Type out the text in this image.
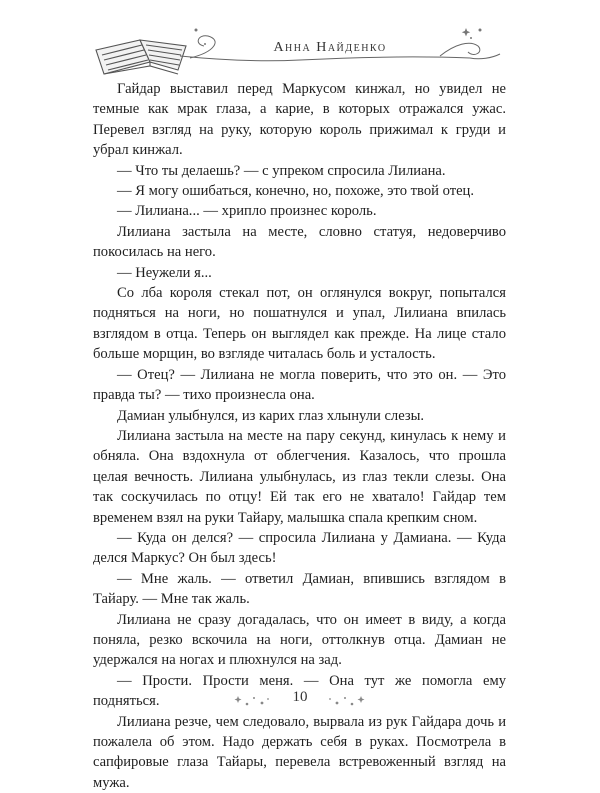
Анна Найденко

Гайдар выставил перед Маркусом кинжал, но увидел не темные как мрак глаза, а карие, в которых отражался ужас. Перевел взгляд на руку, которую король прижимал к груди и убрал кинжал.

— Что ты делаешь? — с упреком спросила Лилиана.

— Я могу ошибаться, конечно, но, похоже, это твой отец.

— Лилиана... — хрипло произнес король.

Лилиана застыла на месте, словно статуя, недоверчиво покосилась на него.

— Неужели я...

Со лба короля стекал пот, он оглянулся вокруг, попытался подняться на ноги, но пошатнулся и упал, Лилиана впилась взглядом в отца. Теперь он выглядел как прежде. На лице стало больше морщин, во взгляде читалась боль и усталость.

— Отец? — Лилиана не могла поверить, что это он. — Это правда ты? — тихо произнесла она.

Дамиан улыбнулся, из карих глаз хлынули слезы.

Лилиана застыла на месте на пару секунд, кинулась к нему и обняла. Она вздохнула от облегчения. Казалось, что прошла целая вечность. Лилиана улыбнулась, из глаз текли слезы. Она так соскучилась по отцу! Ей так его не хватало! Гайдар тем временем взял на руки Тайару, малышка спала крепким сном.

— Куда он делся? — спросила Лилиана у Дамиана. — Куда делся Маркус? Он был здесь!

— Мне жаль. — ответил Дамиан, впившись взглядом в Тайару. — Мне так жаль.

Лилиана не сразу догадалась, что он имеет в виду, а когда поняла, резко вскочила на ноги, оттолкнув отца. Дамиан не удержался на ногах и плюхнулся на зад.

— Прости. Прости меня. — Она тут же помогла ему подняться.

Лилиана резче, чем следовало, вырвала из рук Гайдара дочь и пожалела об этом. Надо держать себя в руках. Посмотрела в сапфировые глаза Тайары, перевела встревоженный взгляд на мужа.

10
